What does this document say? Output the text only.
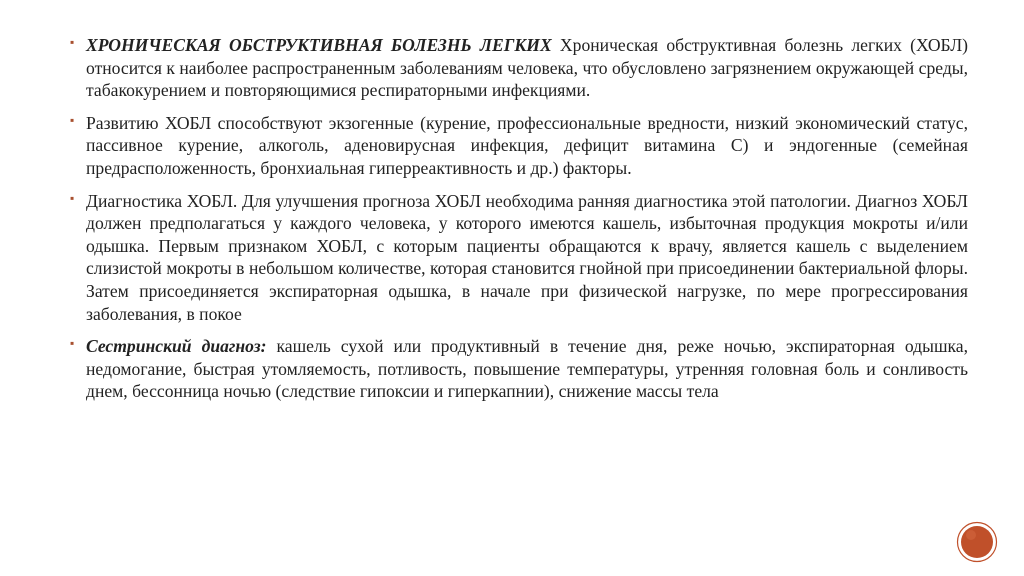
▪ ХРОНИЧЕСКАЯ ОБСТРУКТИВНАЯ БОЛЕЗНЬ ЛЕГКИХ Хроническая обструктивная болезнь легких (ХОБЛ) относится к наиболее распространенным заболеваниям человека, что обусловлено загрязнением окружающей среды, табакокурением и повторяющимися респираторными инфекциями.
▪ Развитию ХОБЛ способствуют экзогенные (курение, профессиональные вредности, низкий экономический статус, пассивное курение, алкоголь, аденовирусная инфекция, дефицит витамина С) и эндогенные (семейная предрасположенность, бронхиальная гиперреактивность и др.) факторы.
▪ Диагностика ХОБЛ. Для улучшения прогноза ХОБЛ необходима ранняя диагностика этой патологии. Диагноз ХОБЛ должен предполагаться у каждого человека, у которого имеются кашель, избыточная продукция мокроты и/или одышка. Первым признаком ХОБЛ, с которым пациенты обращаются к врачу, является кашель с выделением слизистой мокроты в небольшом количестве, которая становится гнойной при присоединении бактериальной флоры. Затем присоединяется экспираторная одышка, в начале при физической нагрузке, по мере прогрессирования заболевания, в покое
▪ Сестринский диагноз: кашель сухой или продуктивный в течение дня, реже ночью, экспираторная одышка, недомогание, быстрая утомляемость, потливость, повышение температуры, утренняя головная боль и сонливость днем, бессонница ночью (следствие гипоксии и гиперкапнии), снижение массы тела
